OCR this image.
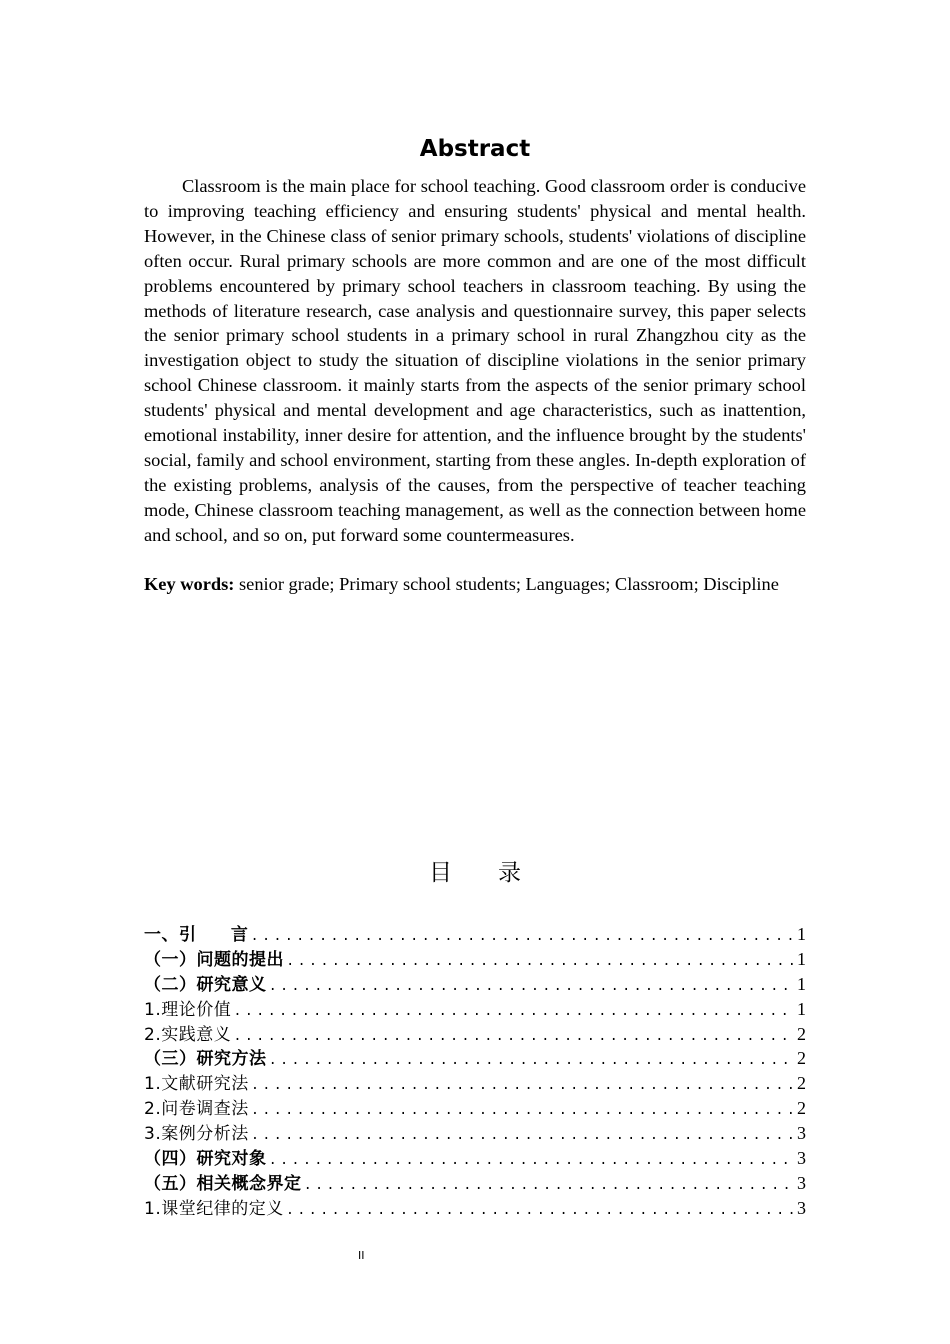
Abstract

Classroom is the main place for school teaching. Good classroom order is conducive to improving teaching efficiency and ensuring students' physical and mental health. However, in the Chinese class of senior primary schools, students' violations of discipline often occur. Rural primary schools are more common and are one of the most difficult problems encountered by primary school teachers in classroom teaching. By using the methods of literature research, case analysis and questionnaire survey, this paper selects the senior primary school students in a primary school in rural Zhangzhou city as the investigation object to study the situation of discipline violations in the senior primary school Chinese classroom. it mainly starts from the aspects of the senior primary school students' physical and mental development and age characteristics, such as inattention, emotional instability, inner desire for attention, and the influence brought by the students' social, family and school environment, starting from these angles. In-depth exploration of the existing problems, analysis of the causes, from the perspective of teacher teaching mode, Chinese classroom teaching management, as well as the connection between home and school, and so on, put forward some countermeasures.

Key words: senior grade; Primary school students; Languages; Classroom; Discipline
目录
一、引 言 .....	1
（一）问题的提出 .....	1
（二）研究意义 .....	1
1.理论价值 .....	1
2.实践意义 .....	2
（三）研究方法 .....	2
1.文献研究法 .....	2
2.问卷调查法 .....	2
3.案例分析法 .....	3
（四）研究对象 .....	3
（五）相关概念界定 .....	3
1.课堂纪律的定义 .....	3
II
